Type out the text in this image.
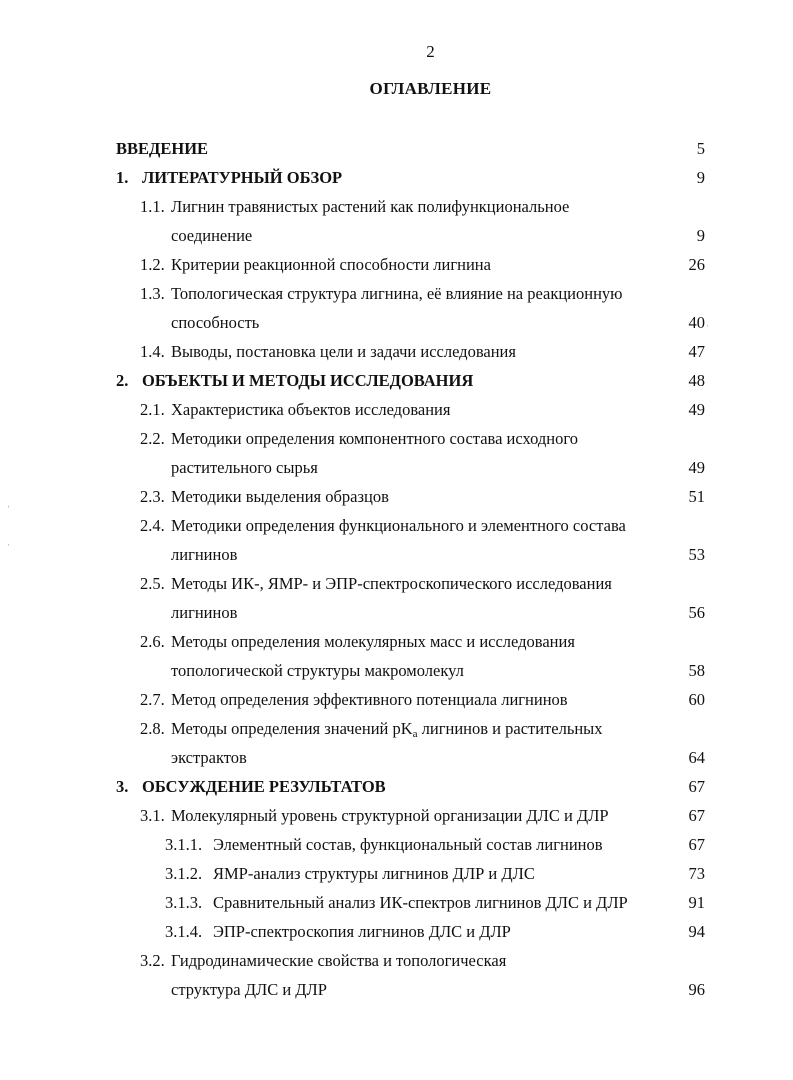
2
ОГЛАВЛЕНИЕ
ВВЕДЕНИЕ	5
1. ЛИТЕРАТУРНЫЙ ОБЗОР	9
1.1. Лигнин травянистых растений как полифункциональное
соединение	9
1.2. Критерии реакционной способности лигнина	26
1.3. Топологическая структура лигнина, её влияние на реакционную
способность	40
1.4. Выводы, постановка цели и задачи исследования	47
2. ОБЪЕКТЫ И МЕТОДЫ ИССЛЕДОВАНИЯ	48
2.1. Характеристика объектов исследования	49
2.2. Методики определения компонентного состава исходного
растительного сырья	49
2.3. Методики выделения образцов	51
2.4. Методики определения функционального и элементного состава
лигнинов	53
2.5. Методы ИК-, ЯМР- и ЭПР-спектроскопического исследования
лигнинов	56
2.6. Методы определения молекулярных масс и исследования
топологической структуры макромолекул	58
2.7. Метод определения эффективного потенциала лигнинов	60
2.8. Методы определения значений $pK_a$ лигнинов и растительных
экстрактов	64
3. ОБСУЖДЕНИЕ РЕЗУЛЬТАТОВ	67
3.1. Молекулярный уровень структурной организации ДЛС и ДЛР	67
3.1.1. Элементный состав, функциональный состав лигнинов	67
3.1.2. ЯМР-анализ структуры лигнинов ДЛР и ДЛС	73
3.1.3. Сравнительный анализ ИК-спектров лигнинов ДЛС и ДЛР	91
3.1.4. ЭПР-спектроскопия лигнинов ДЛС и ДЛР	94
3.2. Гидродинамические свойства и топологическая
структура ДЛС и ДЛР	96
ˌ
ˌ
ˌ
